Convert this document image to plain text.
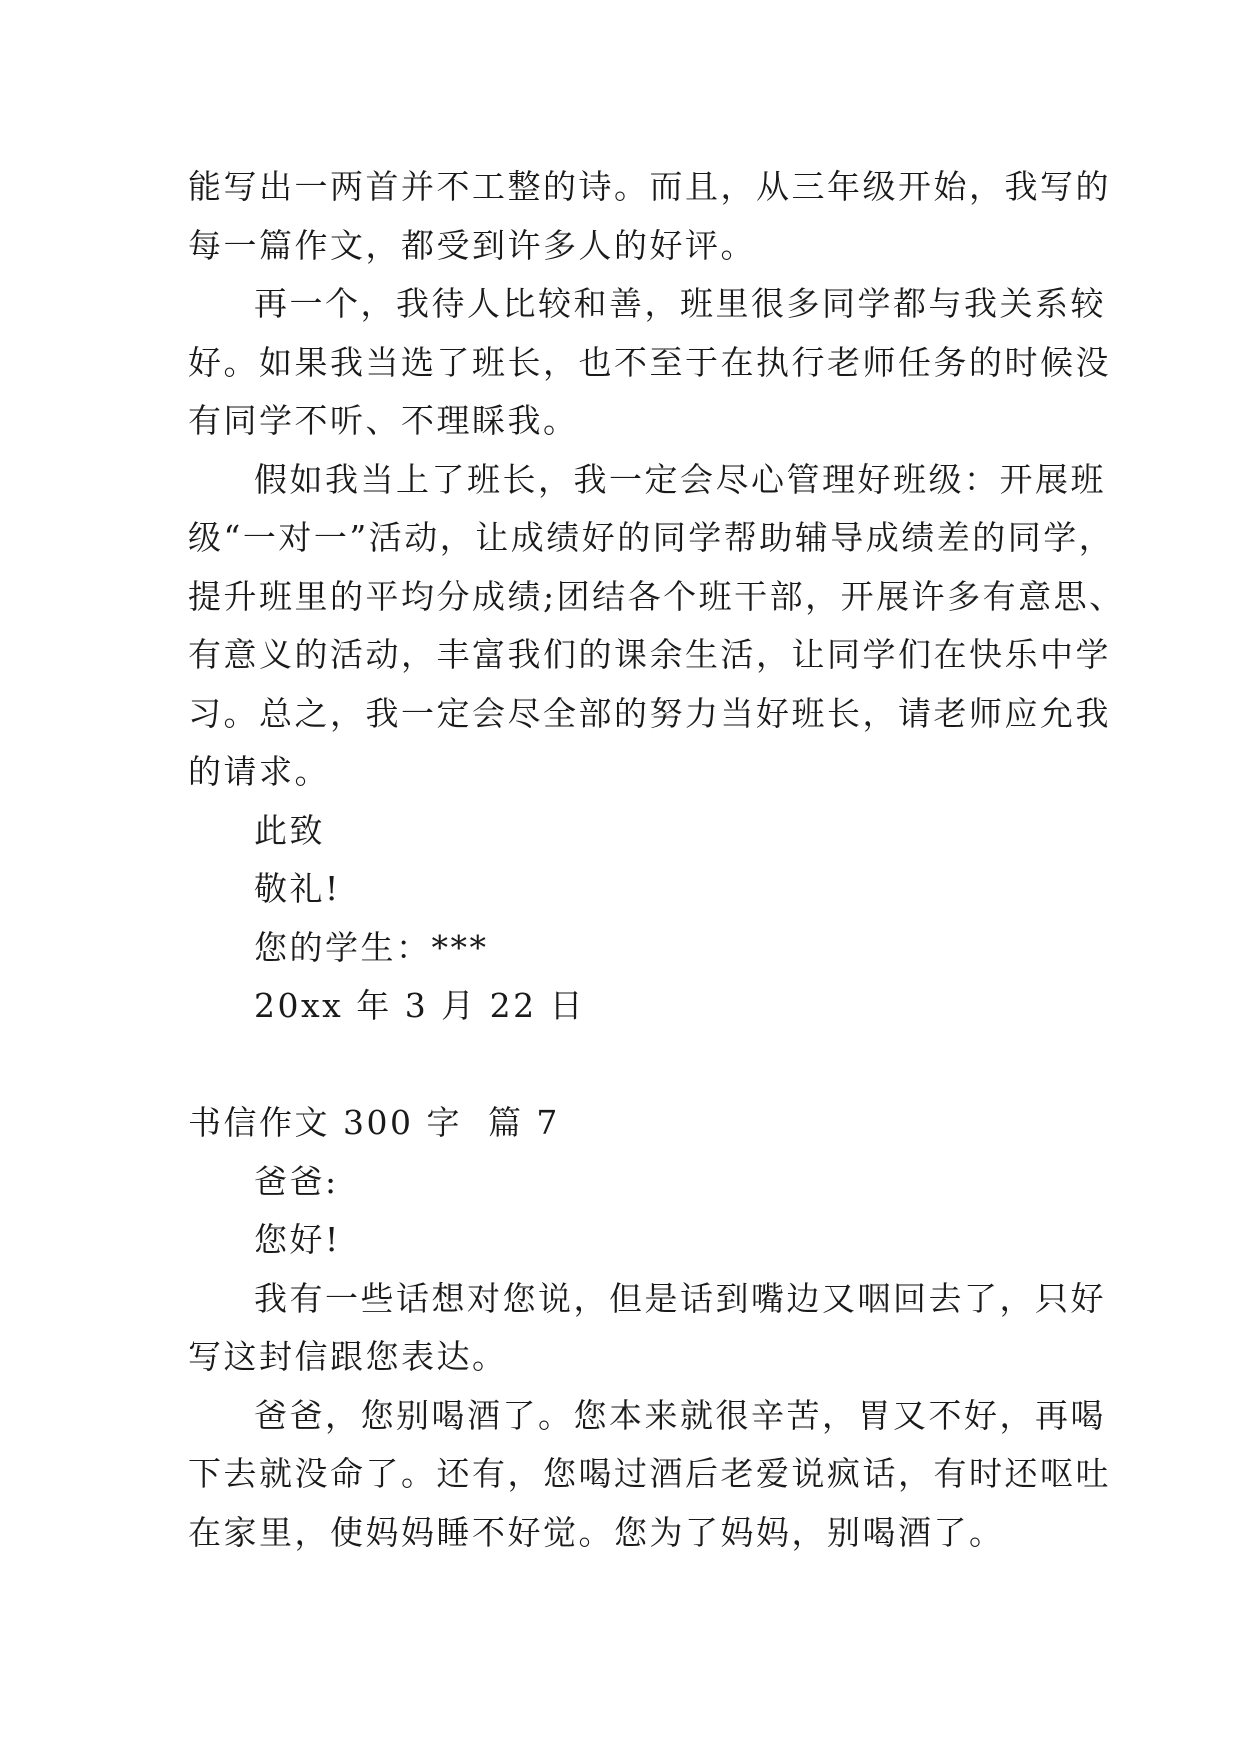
能写出一两首并不工整的诗。而且，从三年级开始，我写的
每一篇作文，都受到许多人的好评。
再一个，我待人比较和善，班里很多同学都与我关系较
好。如果我当选了班长，也不至于在执行老师任务的时候没
有同学不听、不理睬我。
假如我当上了班长，我一定会尽心管理好班级：开展班
级“一对一”活动，让成绩好的同学帮助辅导成绩差的同学，
提升班里的平均分成绩;团结各个班干部，开展许多有意思、
有意义的活动，丰富我们的课余生活，让同学们在快乐中学
习。总之，我一定会尽全部的努力当好班长，请老师应允我
的请求。
此致
敬礼!
您的学生：***
20xx 年 3 月 22 日
书信作文 300 字  篇 7
爸爸:
您好!
我有一些话想对您说，但是话到嘴边又咽回去了，只好
写这封信跟您表达。
爸爸，您别喝酒了。您本来就很辛苦，胃又不好，再喝
下去就没命了。还有，您喝过酒后老爱说疯话，有时还呕吐
在家里，使妈妈睡不好觉。您为了妈妈，别喝酒了。
